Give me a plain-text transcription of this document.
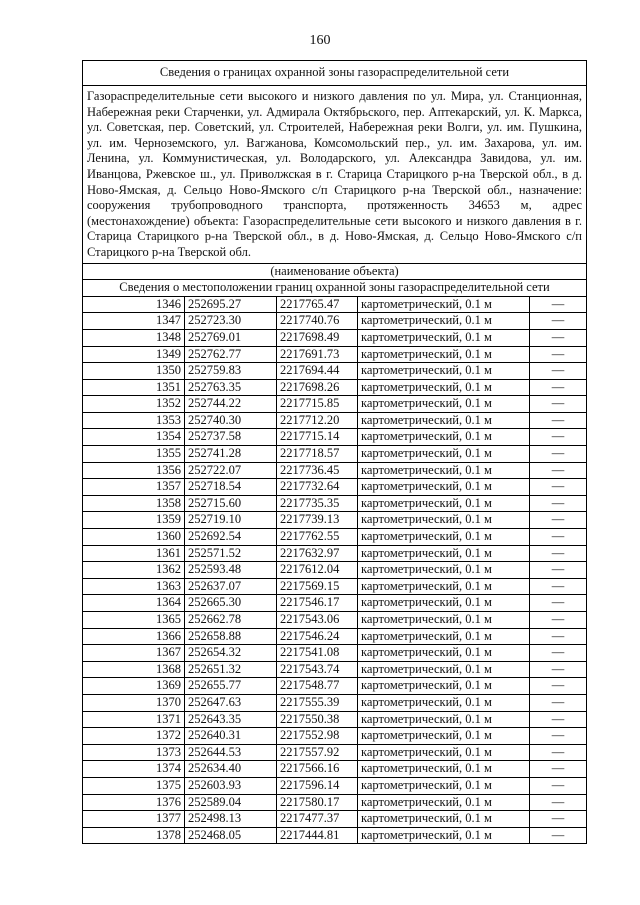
160
Сведения о границах охранной зоны газораспределительной сети				
Газораспределительные сети высокого и низкого давления по ул. Мира, ул. Станционная, Набережная реки Старченки, ул. Адмирала Октябрьского, пер. Аптекарский, ул. К. Маркса, ул. Советская, пер. Советский, ул. Строителей, Набережная реки Волги, ул. им. Пушкина, ул. им. Черноземского, ул. Вагжанова, Комсомольский пер., ул. им. Захарова, ул. им. Ленина, ул. Коммунистическая, ул. Володарского, ул. Александра Завидова, ул. им. Иванцова, Ржевское ш., ул. Приволжская в г. Старица Старицкого р-на Тверской обл., в д. Ново-Ямская, д. Сельцо Ново-Ямского с/п Старицкого р-на Тверской обл., назначение: сооружения трубопроводного транспорта, протяженность 34653 м, адрес (местонахождение) объекта: Газораспределительные сети высокого и низкого давления в г. Старица Старицкого р-на Тверской обл., в д. Ново-Ямская, д. Сельцо Ново-Ямского с/п Старицкого р-на Тверской обл.				
(наименование объекта)				
Сведения о местоположении границ охранной зоны газораспределительной сети				
1346	252695.27	2217765.47	картометрический, 0.1 м	—
1347	252723.30	2217740.76	картометрический, 0.1 м	—
1348	252769.01	2217698.49	картометрический, 0.1 м	—
1349	252762.77	2217691.73	картометрический, 0.1 м	—
1350	252759.83	2217694.44	картометрический, 0.1 м	—
1351	252763.35	2217698.26	картометрический, 0.1 м	—
1352	252744.22	2217715.85	картометрический, 0.1 м	—
1353	252740.30	2217712.20	картометрический, 0.1 м	—
1354	252737.58	2217715.14	картометрический, 0.1 м	—
1355	252741.28	2217718.57	картометрический, 0.1 м	—
1356	252722.07	2217736.45	картометрический, 0.1 м	—
1357	252718.54	2217732.64	картометрический, 0.1 м	—
1358	252715.60	2217735.35	картометрический, 0.1 м	—
1359	252719.10	2217739.13	картометрический, 0.1 м	—
1360	252692.54	2217762.55	картометрический, 0.1 м	—
1361	252571.52	2217632.97	картометрический, 0.1 м	—
1362	252593.48	2217612.04	картометрический, 0.1 м	—
1363	252637.07	2217569.15	картометрический, 0.1 м	—
1364	252665.30	2217546.17	картометрический, 0.1 м	—
1365	252662.78	2217543.06	картометрический, 0.1 м	—
1366	252658.88	2217546.24	картометрический, 0.1 м	—
1367	252654.32	2217541.08	картометрический, 0.1 м	—
1368	252651.32	2217543.74	картометрический, 0.1 м	—
1369	252655.77	2217548.77	картометрический, 0.1 м	—
1370	252647.63	2217555.39	картометрический, 0.1 м	—
1371	252643.35	2217550.38	картометрический, 0.1 м	—
1372	252640.31	2217552.98	картометрический, 0.1 м	—
1373	252644.53	2217557.92	картометрический, 0.1 м	—
1374	252634.40	2217566.16	картометрический, 0.1 м	—
1375	252603.93	2217596.14	картометрический, 0.1 м	—
1376	252589.04	2217580.17	картометрический, 0.1 м	—
1377	252498.13	2217477.37	картометрический, 0.1 м	—
1378	252468.05	2217444.81	картометрический, 0.1 м	—
